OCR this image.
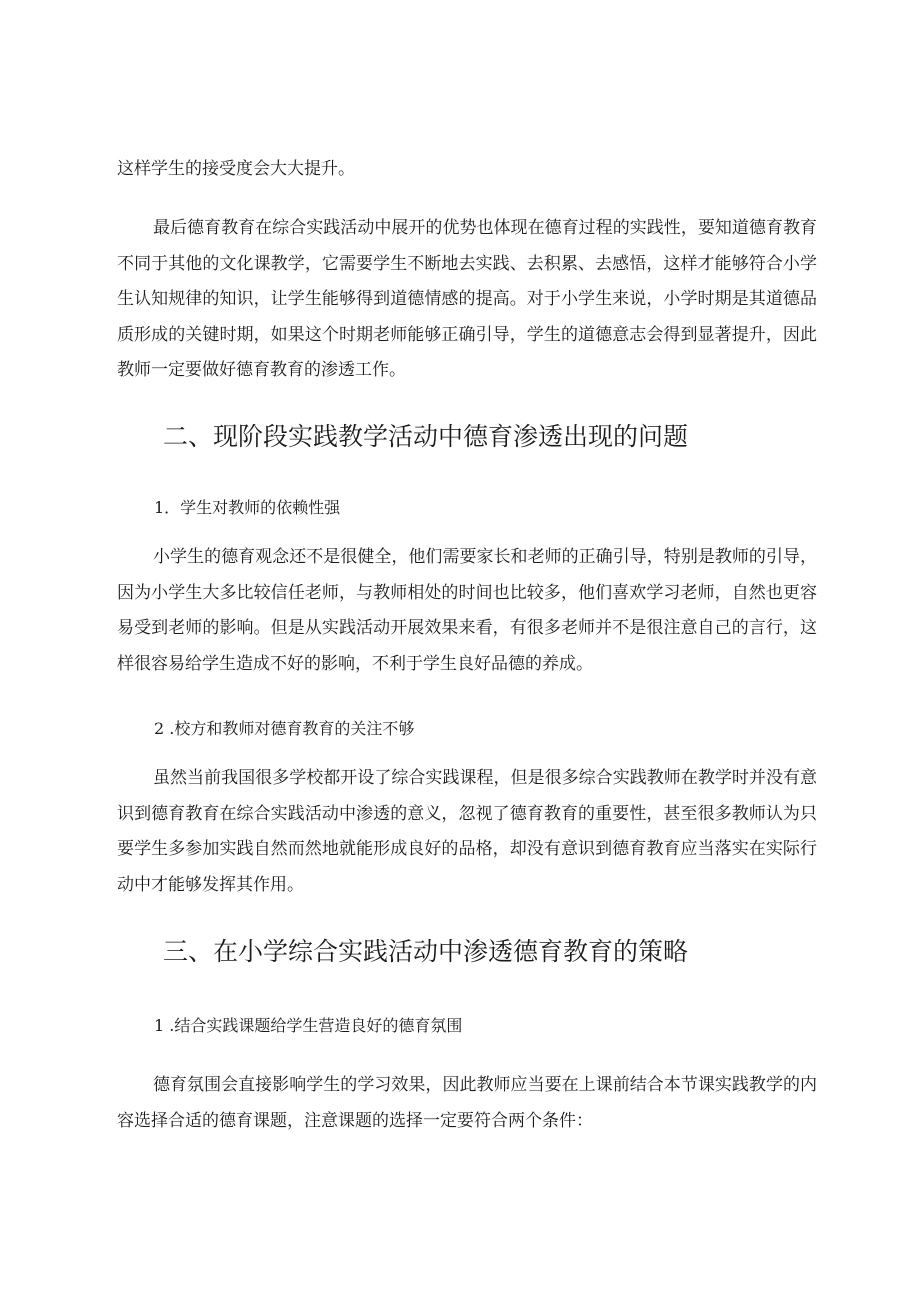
这样学生的接受度会大大提升。

最后德育教育在综合实践活动中展开的优势也体现在德育过程的实践性，要知道德育教育不同于其他的文化课教学，它需要学生不断地去实践、去积累、去感悟，这样才能够符合小学生认知规律的知识，让学生能够得到道德情感的提高。对于小学生来说，小学时期是其道德品质形成的关键时期，如果这个时期老师能够正确引导，学生的道德意志会得到显著提升，因此教师一定要做好德育教育的渗透工作。

二、现阶段实践教学活动中德育渗透出现的问题
1．学生对教师的依赖性强

小学生的德育观念还不是很健全，他们需要家长和老师的正确引导，特别是教师的引导，因为小学生大多比较信任老师，与教师相处的时间也比较多，他们喜欢学习老师，自然也更容易受到老师的影响。但是从实践活动开展效果来看，有很多老师并不是很注意自己的言行，这样很容易给学生造成不好的影响，不利于学生良好品德的养成。

2 .校方和教师对德育教育的关注不够

虽然当前我国很多学校都开设了综合实践课程，但是很多综合实践教师在教学时并没有意识到德育教育在综合实践活动中渗透的意义，忽视了德育教育的重要性，甚至很多教师认为只要学生多参加实践自然而然地就能形成良好的品格，却没有意识到德育教育应当落实在实际行动中才能够发挥其作用。

三、在小学综合实践活动中渗透德育教育的策略
1 .结合实践课题给学生营造良好的德育氛围

德育氛围会直接影响学生的学习效果，因此教师应当要在上课前结合本节课实践教学的内容选择合适的德育课题，注意课题的选择一定要符合两个条件：
